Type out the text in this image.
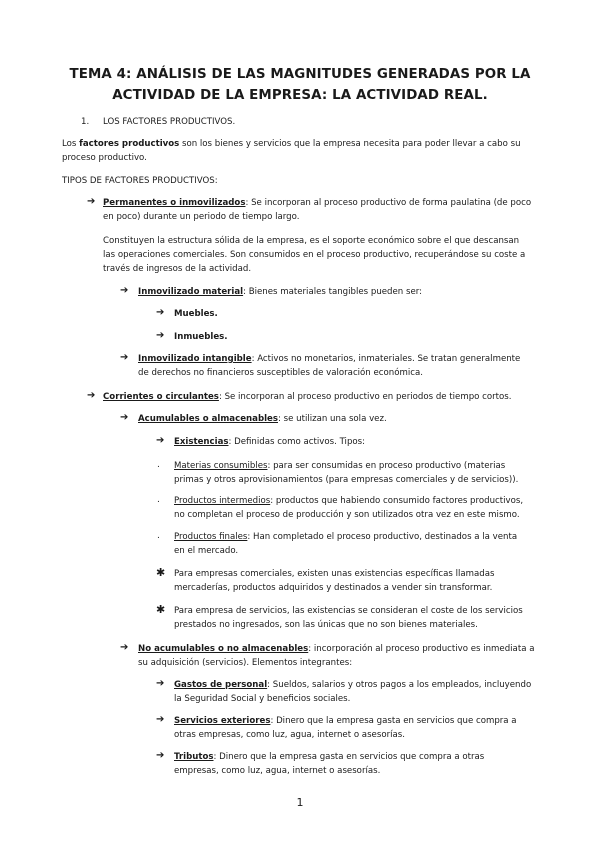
TEMA 4: ANÁLISIS DE LAS MAGNITUDES GENERADAS POR LA
ACTIVIDAD DE LA EMPRESA: LA ACTIVIDAD REAL.
1. LOS FACTORES PRODUCTIVOS.
Los factores productivos son los bienes y servicios que la empresa necesita para poder llevar a cabo su
proceso productivo.
TIPOS DE FACTORES PRODUCTIVOS:
➔ Permanentes o inmovilizados: Se incorporan al proceso productivo de forma paulatina (de poco
en poco) durante un periodo de tiempo largo.
Constituyen la estructura sólida de la empresa, es el soporte económico sobre el que descansan
las operaciones comerciales. Son consumidos en el proceso productivo, recuperándose su coste a
través de ingresos de la actividad.
➔ Inmovilizado material: Bienes materiales tangibles pueden ser:
➔ Muebles.
➔ Inmuebles.
➔ Inmovilizado intangible: Activos no monetarios, inmateriales. Se tratan generalmente
de derechos no financieros susceptibles de valoración económica.
➔ Corrientes o circulantes: Se incorporan al proceso productivo en periodos de tiempo cortos.
➔ Acumulables o almacenables: se utilizan una sola vez.
➔ Existencias: Definidas como activos. Tipos:
. Materias consumibles: para ser consumidas en proceso productivo (materias
primas y otros aprovisionamientos (para empresas comerciales y de servicios)).
. Productos intermedios: productos que habiendo consumido factores productivos,
no completan el proceso de producción y son utilizados otra vez en este mismo.
. Productos finales: Han completado el proceso productivo, destinados a la venta
en el mercado.
✱ Para empresas comerciales, existen unas existencias específicas llamadas
mercaderías, productos adquiridos y destinados a vender sin transformar.
✱ Para empresa de servicios, las existencias se consideran el coste de los servicios
prestados no ingresados, son las únicas que no son bienes materiales.
➔ No acumulables o no almacenables: incorporación al proceso productivo es inmediata a
su adquisición (servicios). Elementos integrantes:
➔ Gastos de personal: Sueldos, salarios y otros pagos a los empleados, incluyendo
la Seguridad Social y beneficios sociales.
➔ Servicios exteriores: Dinero que la empresa gasta en servicios que compra a
otras empresas, como luz, agua, internet o asesorías.
➔ Tributos: Dinero que la empresa gasta en servicios que compra a otras
empresas, como luz, agua, internet o asesorías.
1
